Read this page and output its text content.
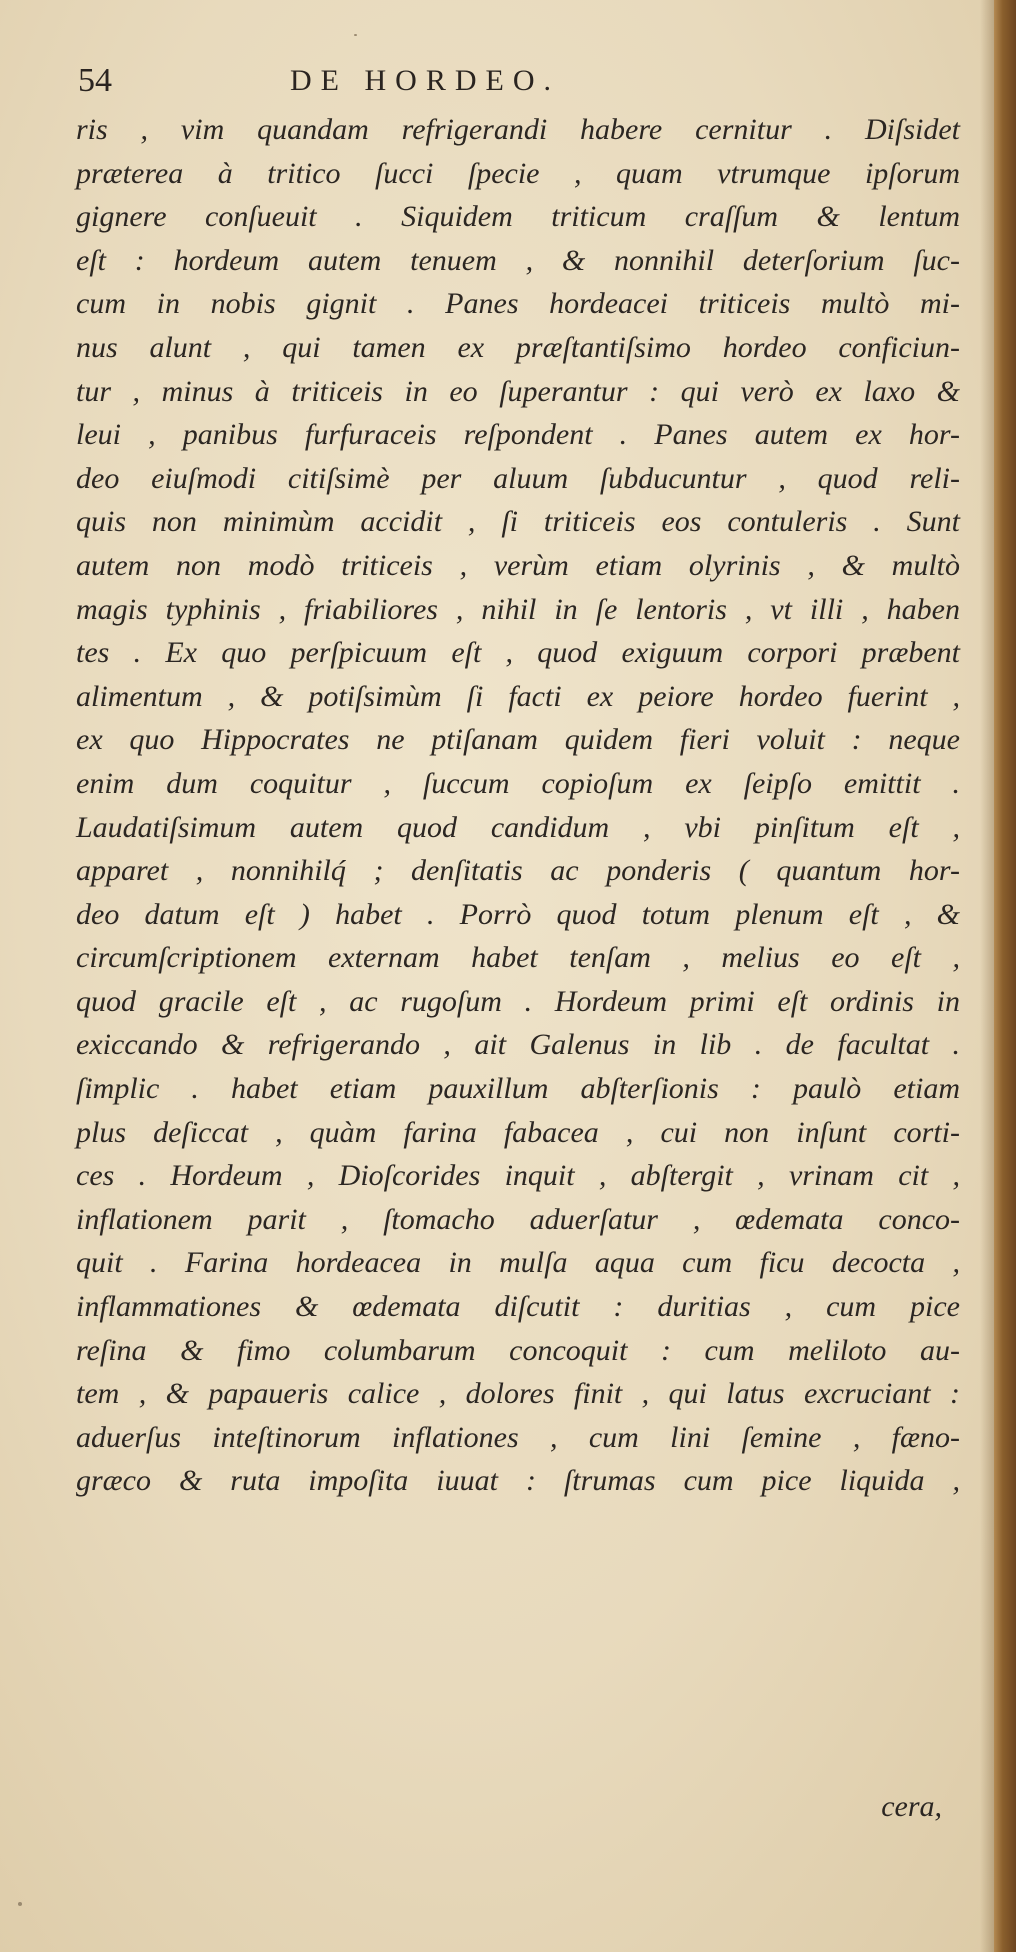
54	DE HORDEO.
ris , vim quandam refrigerandi habere cernitur . Diſsidet
præterea à tritico ſucci ſpecie , quam vtrumque ipſorum
gignere conſueuit . Siquidem triticum craſſum & lentum
eſt : hordeum autem tenuem , & nonnihil deterſorium ſuc-
cum in nobis gignit . Panes hordeacei triticeis multò mi-
nus alunt , qui tamen ex præſtantiſsimo hordeo conficiun-
tur , minus à triticeis in eo ſuperantur : qui verò ex laxo &
leui , panibus furfuraceis reſpondent . Panes autem ex hor-
deo eiuſmodi citiſsimè per aluum ſubducuntur , quod reli-
quis non minimùm accidit , ſi triticeis eos contuleris . Sunt
autem non modò triticeis , verùm etiam olyrinis , & multò
magis typhinis , friabiliores , nihil in ſe lentoris , vt illi , haben
tes . Ex quo perſpicuum eſt , quod exiguum corpori præbent
alimentum , & potiſsimùm ſi facti ex peiore hordeo fuerint ,
ex quo Hippocrates ne ptiſanam quidem fieri voluit : neque
enim dum coquitur , ſuccum copioſum ex ſeipſo emittit .
Laudatiſsimum autem quod candidum , vbi pinſitum eſt ,
apparet , nonnihilq́ ; denſitatis ac ponderis ( quantum hor-
deo datum eſt ) habet . Porrò quod totum plenum eſt , &
circumſcriptionem externam habet tenſam , melius eo eſt ,
quod gracile eſt , ac rugoſum . Hordeum primi eſt ordinis in
exiccando & refrigerando , ait Galenus in lib . de facultat .
ſimplic . habet etiam pauxillum abſterſionis : paulò etiam
plus deſiccat , quàm farina fabacea , cui non inſunt corti-
ces . Hordeum , Dioſcorides inquit , abſtergit , vrinam cit ,
inflationem parit , ſtomacho aduerſatur , œdemata conco-
quit . Farina hordeacea in mulſa aqua cum ficu decocta ,
inflammationes & œdemata diſcutit : duritias , cum pice
reſina & fimo columbarum concoquit : cum meliloto au-
tem , & papaueris calice , dolores finit , qui latus excruciant :
aduerſus inteſtinorum inflationes , cum lini ſemine , fæno-
græco & ruta impoſita iuuat : ſtrumas cum pice liquida ,
cera,
